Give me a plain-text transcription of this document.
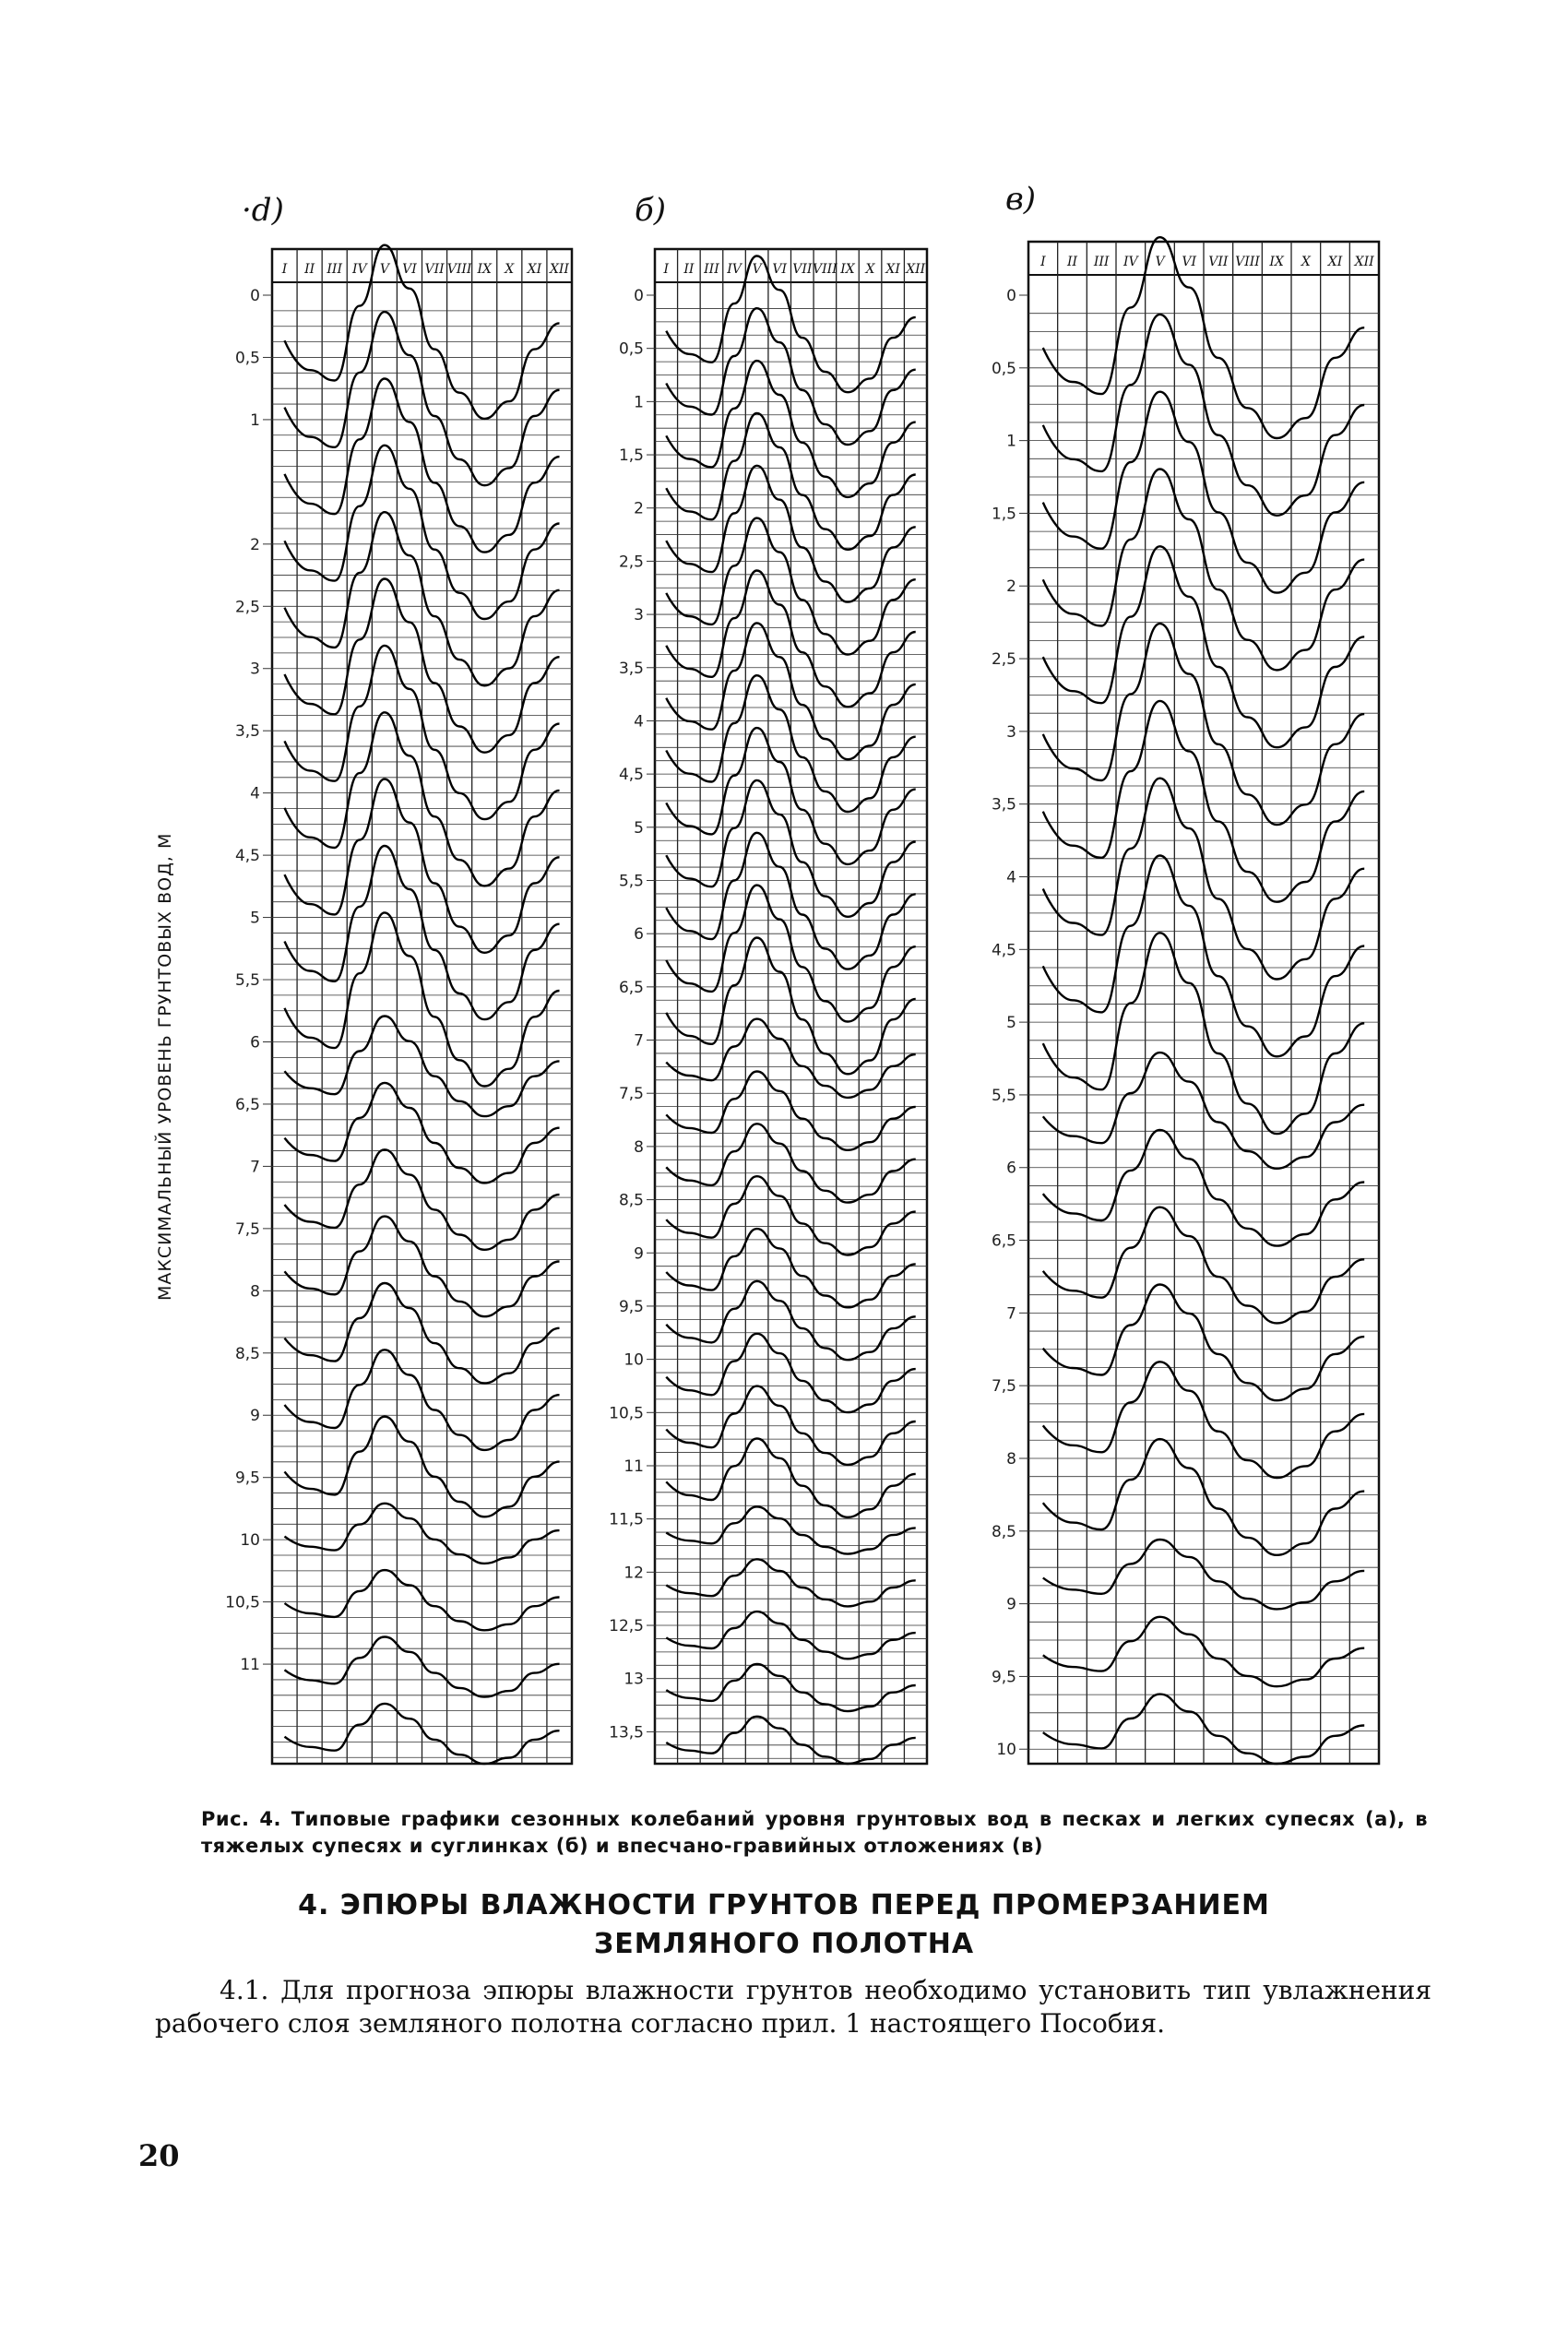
·d)	б)	в)
I II III IV V VI VII VIII IX X XI XII
0
0,5
1
2
2,5
3
3,5
4
4,5
5
5,5
6
6,5
7
7,5
8
8,5
9
9,5
10
10,5
11
I II III IV V VI VII VIII IX X XI XII
0
0,5
1
1,5
2
2,5
3
3,5
4
4,5
5
5,5
6
6,5
7
7,5
8
8,5
9
9,5
10
10,5
11
11,5
12
12,5
13
13,5
I II III IV V VI VII VIII IX X XI XII
0
0,5
1
1,5
2
2,5
3
3,5
4
4,5
5
5,5
6
6,5
7
7,5
8
8,5
9
9,5
10
МАКСИМАЛЬНЫЙ УРОВЕНЬ ГРУНТОВЫХ ВОД, М
Рис. 4. Типовые графики сезонных колебаний уровня грунтовых вод в песках и легких супесях (а), в тяжелых супесях и суглинках (б) и впесчано-гравийных отложениях (в)
4. ЭПЮРЫ ВЛАЖНОСТИ ГРУНТОВ ПЕРЕД ПРОМЕРЗАНИЕМ
ЗЕМЛЯНОГО ПОЛОТНА
4.1. Для прогноза эпюры влажности грунтов необходимо установить тип увлажнения рабочего слоя земляного полотна согласно прил. 1 настоящего Пособия.
20
